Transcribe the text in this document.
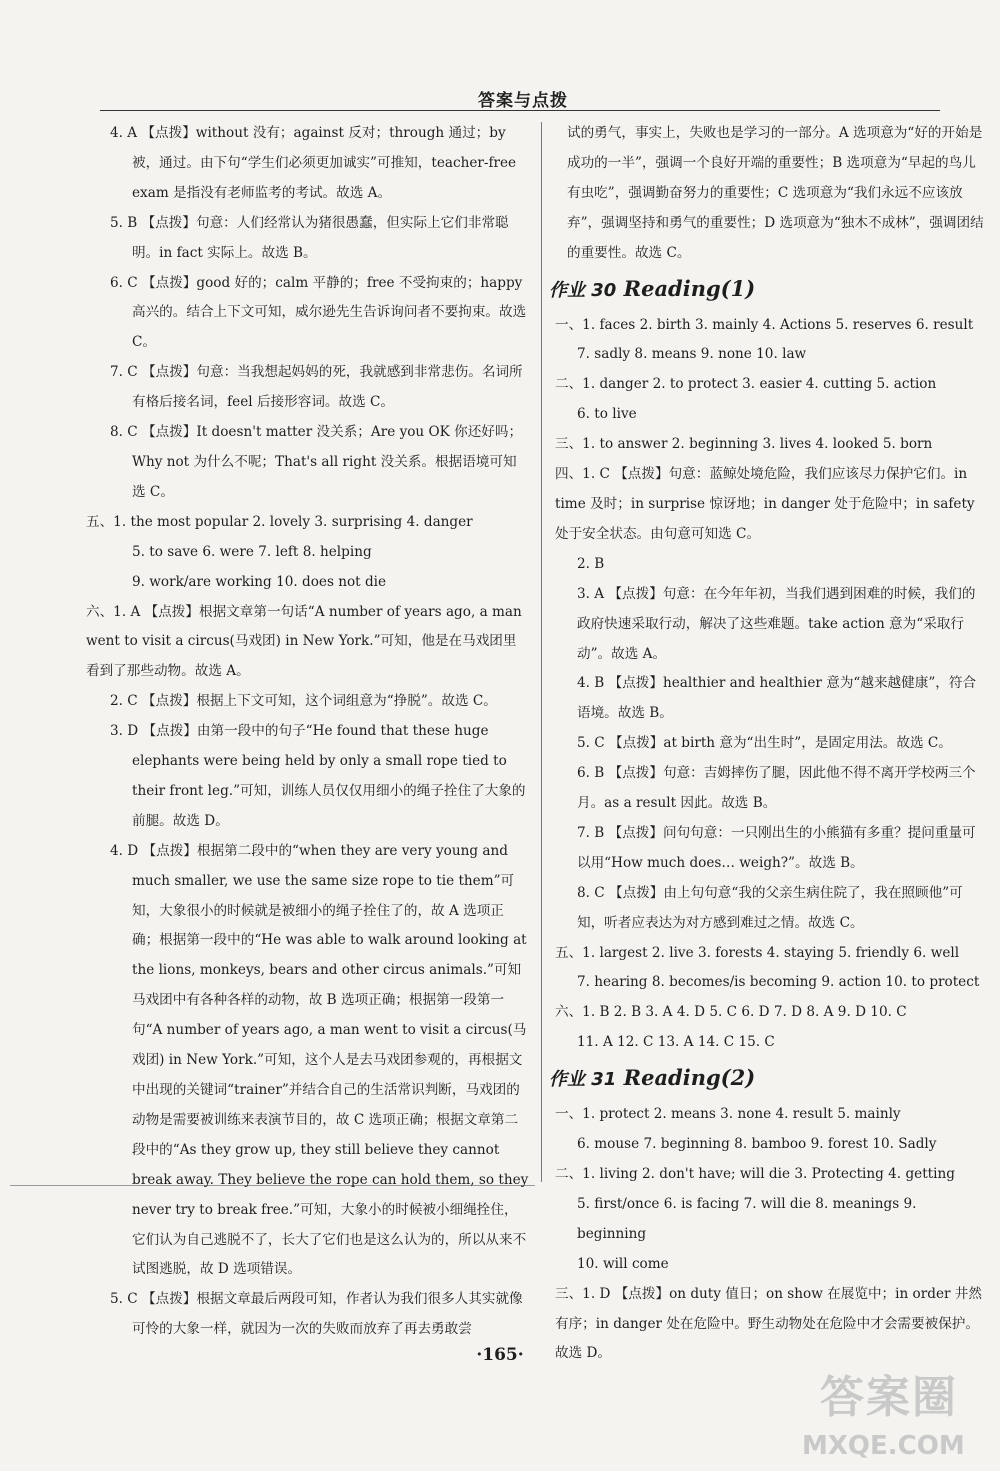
答案与点拨
4. A 【点拨】without 没有；against 反对；through 通过；by 被，通过。由下句“学生们必须更加诚实”可推知，teacher-free exam 是指没有老师监考的考试。故选 A。
5. B 【点拨】句意：人们经常认为猪很愚蠢，但实际上它们非常聪明。in fact 实际上。故选 B。
6. C 【点拨】good 好的；calm 平静的；free 不受拘束的；happy 高兴的。结合上下文可知，威尔逊先生告诉询问者不要拘束。故选 C。
7. C 【点拨】句意：当我想起妈妈的死，我就感到非常悲伤。名词所有格后接名词，feel 后接形容词。故选 C。
8. C 【点拨】It doesn't matter 没关系；Are you OK 你还好吗；Why not 为什么不呢；That's all right 没关系。根据语境可知选 C。
五、1. the most popular 2. lovely 3. surprising 4. danger
5. to save 6. were 7. left 8. helping
9. work/are working 10. does not die
六、1. A 【点拨】根据文章第一句话“A number of years ago, a man went to visit a circus(马戏团) in New York.”可知，他是在马戏团里看到了那些动物。故选 A。
2. C 【点拨】根据上下文可知，这个词组意为“挣脱”。故选 C。
3. D 【点拨】由第一段中的句子“He found that these huge elephants were being held by only a small rope tied to their front leg.”可知，训练人员仅仅用细小的绳子拴住了大象的前腿。故选 D。
4. D 【点拨】根据第二段中的“when they are very young and much smaller, we use the same size rope to tie them”可知，大象很小的时候就是被细小的绳子拴住了的，故 A 选项正确；根据第一段中的“He was able to walk around looking at the lions, monkeys, bears and other circus animals.”可知马戏团中有各种各样的动物，故 B 选项正确；根据第一段第一句“A number of years ago, a man went to visit a circus(马戏团) in New York.”可知，这个人是去马戏团参观的，再根据文中出现的关键词“trainer”并结合自己的生活常识判断，马戏团的动物是需要被训练来表演节目的，故 C 选项正确；根据文章第二段中的“As they grow up, they still believe they cannot break away. They believe the rope can hold them, so they never try to break free.”可知，大象小的时候被小细绳拴住，它们认为自己逃脱不了，长大了它们也是这么认为的，所以从来不试图逃脱，故 D 选项错误。
5. C 【点拨】根据文章最后两段可知，作者认为我们很多人其实就像可怜的大象一样，就因为一次的失败而放弃了再去勇敢尝
试的勇气，事实上，失败也是学习的一部分。A 选项意为“好的开始是成功的一半”，强调一个良好开端的重要性；B 选项意为“早起的鸟儿有虫吃”，强调勤奋努力的重要性；C 选项意为“我们永远不应该放弃”，强调坚持和勇气的重要性；D 选项意为“独木不成林”，强调团结的重要性。故选 C。
作业 30 Reading(1)
一、1. faces 2. birth 3. mainly 4. Actions 5. reserves 6. result
7. sadly 8. means 9. none 10. law
二、1. danger 2. to protect 3. easier 4. cutting 5. action
6. to live
三、1. to answer 2. beginning 3. lives 4. looked 5. born
四、1. C 【点拨】句意：蓝鲸处境危险，我们应该尽力保护它们。in time 及时；in surprise 惊讶地；in danger 处于危险中；in safety 处于安全状态。由句意可知选 C。
2. B
3. A 【点拨】句意：在今年年初，当我们遇到困难的时候，我们的政府快速采取行动，解决了这些难题。take action 意为“采取行动”。故选 A。
4. B 【点拨】healthier and healthier 意为“越来越健康”，符合语境。故选 B。
5. C 【点拨】at birth 意为“出生时”，是固定用法。故选 C。
6. B 【点拨】句意：吉姆摔伤了腿，因此他不得不离开学校两三个月。as a result 因此。故选 B。
7. B 【点拨】问句句意：一只刚出生的小熊猫有多重？提问重量可以用“How much does… weigh?”。故选 B。
8. C 【点拨】由上句句意“我的父亲生病住院了，我在照顾他”可知，听者应表达为对方感到难过之情。故选 C。
五、1. largest 2. live 3. forests 4. staying 5. friendly 6. well
7. hearing 8. becomes/is becoming 9. action 10. to protect
六、1. B 2. B 3. A 4. D 5. C 6. D 7. D 8. A 9. D 10. C
11. A 12. C 13. A 14. C 15. C
作业 31 Reading(2)
一、1. protect 2. means 3. none 4. result 5. mainly
6. mouse 7. beginning 8. bamboo 9. forest 10. Sadly
二、1. living 2. don't have; will die 3. Protecting 4. getting
5. first/once 6. is facing 7. will die 8. meanings 9. beginning
10. will come
三、1. D 【点拨】on duty 值日；on show 在展览中；in order 井然有序；in danger 处在危险中。野生动物处在危险中才会需要被保护。故选 D。
·165·
答案圈
MXQE.COM
